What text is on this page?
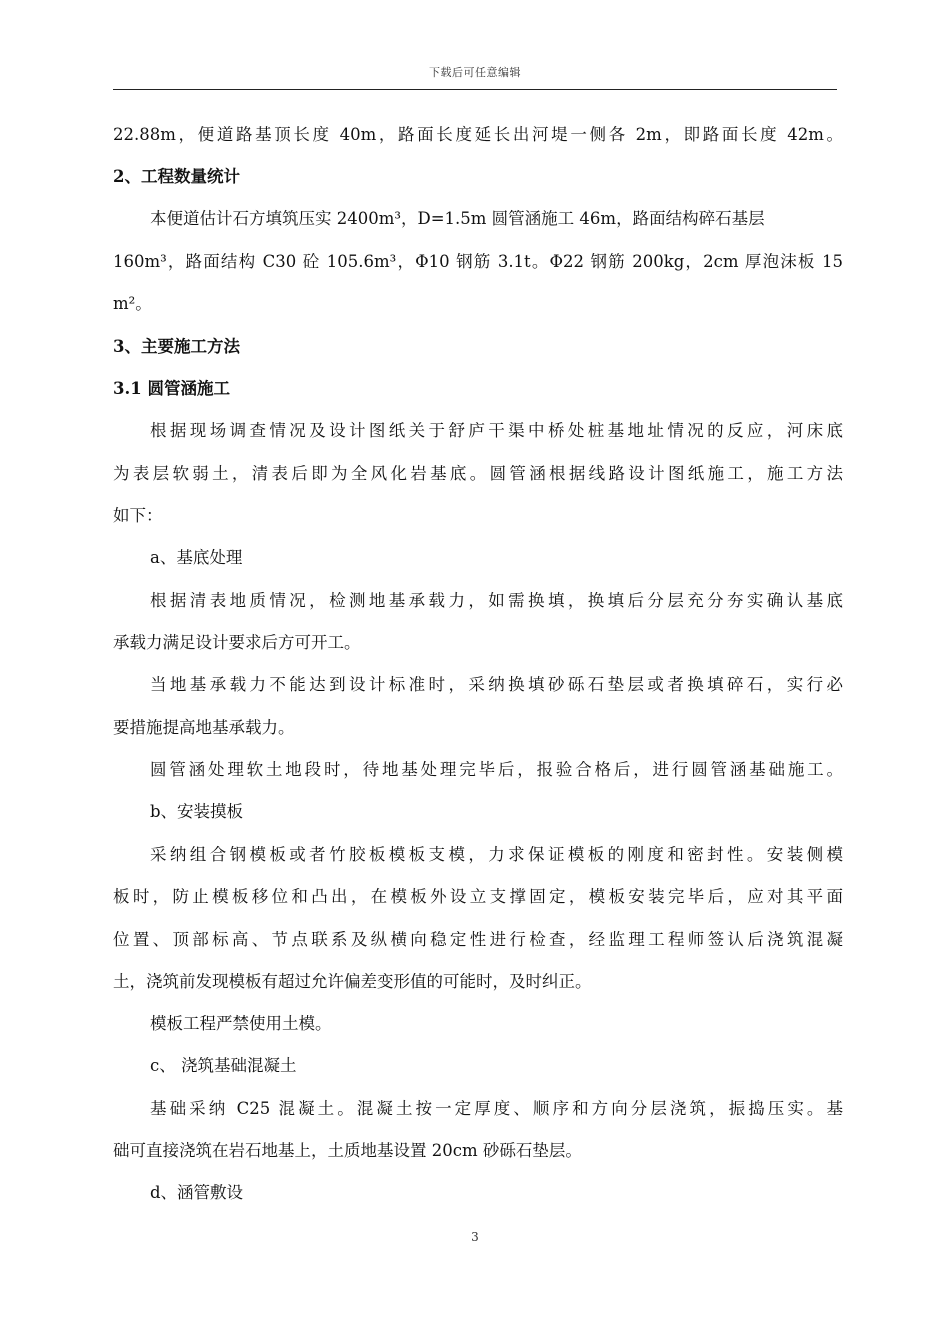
下载后可任意编辑
22.88m，便道路基顶长度 40m，路面长度延长出河堤一侧各 2m，即路面长度 42m。
2、工程数量统计
本便道估计石方填筑压实 2400m³，D=1.5m 圆管涵施工 46m，路面结构碎石基层
160m³，路面结构 C30 砼 105.6m³，Φ10 钢筋 3.1t。Φ22 钢筋 200kg，2cm 厚泡沫板 15
m²。
3、主要施工方法
3.1 圆管涵施工
根据现场调查情况及设计图纸关于舒庐干渠中桥处桩基地址情况的反应，河床底
为表层软弱土，清表后即为全风化岩基底。圆管涵根据线路设计图纸施工，施工方法
如下：
a、基底处理
根据清表地质情况，检测地基承载力，如需换填，换填后分层充分夯实确认基底
承载力满足设计要求后方可开工。
当地基承载力不能达到设计标准时，采纳换填砂砾石垫层或者换填碎石，实行必
要措施提高地基承载力。
圆管涵处理软土地段时，待地基处理完毕后，报验合格后，进行圆管涵基础施工。
b、安装摸板
采纳组合钢模板或者竹胶板模板支模，力求保证模板的刚度和密封性。安装侧模
板时，防止模板移位和凸出，在模板外设立支撑固定，模板安装完毕后，应对其平面
位置、顶部标高、节点联系及纵横向稳定性进行检查，经监理工程师签认后浇筑混凝
土，浇筑前发现模板有超过允许偏差变形值的可能时，及时纠正。
模板工程严禁使用土模。
c、 浇筑基础混凝土
基础采纳 C25 混凝土。混凝土按一定厚度、顺序和方向分层浇筑，振捣压实。基
础可直接浇筑在岩石地基上，土质地基设置 20cm 砂砾石垫层。
d、涵管敷设
3
